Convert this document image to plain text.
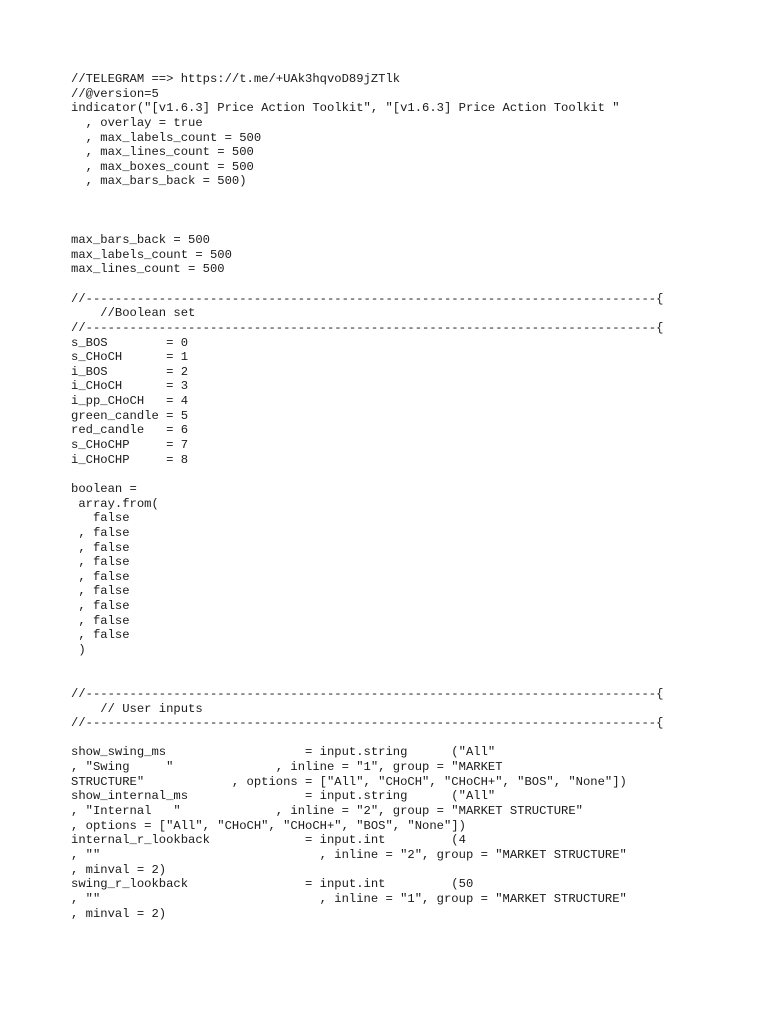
//TELEGRAM ==> https://t.me/+UAk3hqvoD89jZTlk
//@version=5
indicator("[v1.6.3] Price Action Toolkit", "[v1.6.3] Price Action Toolkit "
, overlay = true
, max_labels_count = 500
, max_lines_count = 500
, max_boxes_count = 500
, max_bars_back = 500)
max_bars_back = 500
max_labels_count = 500
max_lines_count = 500
//------------------------------------------------------------------------------{
//Boolean set
//------------------------------------------------------------------------------{
s_BOS        = 0
s_CHoCH      = 1
i_BOS        = 2
i_CHoCH      = 3
i_pp_CHoCH   = 4
green_candle = 5
red_candle   = 6
s_CHoCHP     = 7
i_CHoCHP     = 8
boolean =
array.from(
false
, false
, false
, false
, false
, false
, false
, false
, false
)
//------------------------------------------------------------------------------{
// User inputs
//------------------------------------------------------------------------------{
show_swing_ms                   = input.string      ("All"
, "Swing     "              , inline = "1", group = "MARKET
STRUCTURE"            , options = ["All", "CHoCH", "CHoCH+", "BOS", "None"])
show_internal_ms                = input.string      ("All"
, "Internal   "             , inline = "2", group = "MARKET STRUCTURE"
, options = ["All", "CHoCH", "CHoCH+", "BOS", "None"])
internal_r_lookback             = input.int         (4
, ""                              , inline = "2", group = "MARKET STRUCTURE"
, minval = 2)
swing_r_lookback                = input.int         (50
, ""                              , inline = "1", group = "MARKET STRUCTURE"
, minval = 2)
